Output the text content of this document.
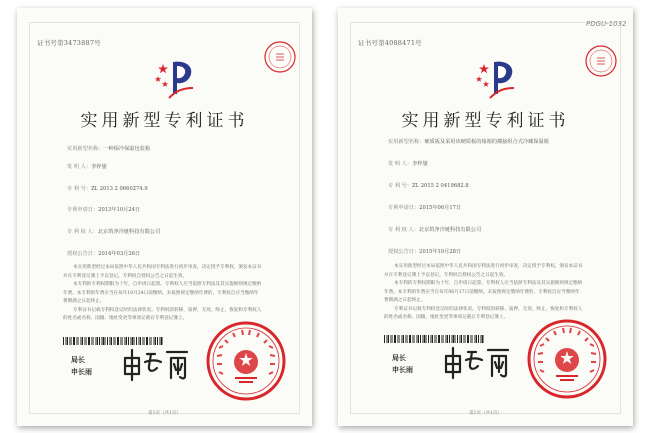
证书号第3473887号
实用新型专利证书
实用新型名称：一种保冷保温包装箱
发 明 人：李梓鋆
专 利 号：ZL 2013 2 0660274.9
专利申请日：2013年10月24日
专 利 权 人：北京筑净冷链科技有限公司
授权公告日：2014年03月26日

本实用新型经过本局依照中华人民共和国专利法进行初步审查，决定授予专利权，颁发本证书并在专利登记簿上予以登记。专利权自授权公告之日起生效。

本专利的专利权期限为十年，自申请日起算。专利权人应当依照专利法及其实施细则规定缴纳年费。本专利的年费应当在每年10月24日前缴纳。未按照规定缴纳年费的，专利权自应当缴纳年费期满之日起终止。

专利证书记载专利权登记时的法律状况。专利权的转移、质押、无效、终止、恢复和专利权人的姓名或名称、国籍、地址变更等事项记载在专利登记簿上。

局长
申长雨
第1页（共1页）
证书号第4088471号
PDGU-1032
实用新型专利证书
实用新型名称：硬质板及采用该硬质板的箱箱的插接组合式冷藏保温箱
发 明 人：李梓鋆
专 利 号：ZL 2015 2 0419682.8
专利申请日：2015年06月17日
专 利 权 人：北京筑净冷链科技有限公司
授权公告日：2015年10月28日

本实用新型经过本局依照中华人民共和国专利法进行初步审查，决定授予专利权，颁发本证书并在专利登记簿上予以登记。专利权自授权公告之日起生效。

本专利的专利权期限为十年，自申请日起算。专利权人应当依照专利法及其实施细则规定缴纳年费。本专利的年费应当在每年06月17日前缴纳。未按照规定缴纳年费的，专利权自应当缴纳年费期满之日起终止。

专利证书记载专利权登记时的法律状况。专利权的转移、质押、无效、终止、恢复和专利权人的姓名或名称、国籍、地址变更等事项记载在专利登记簿上。

局长
申长雨
第1页（共1页）
